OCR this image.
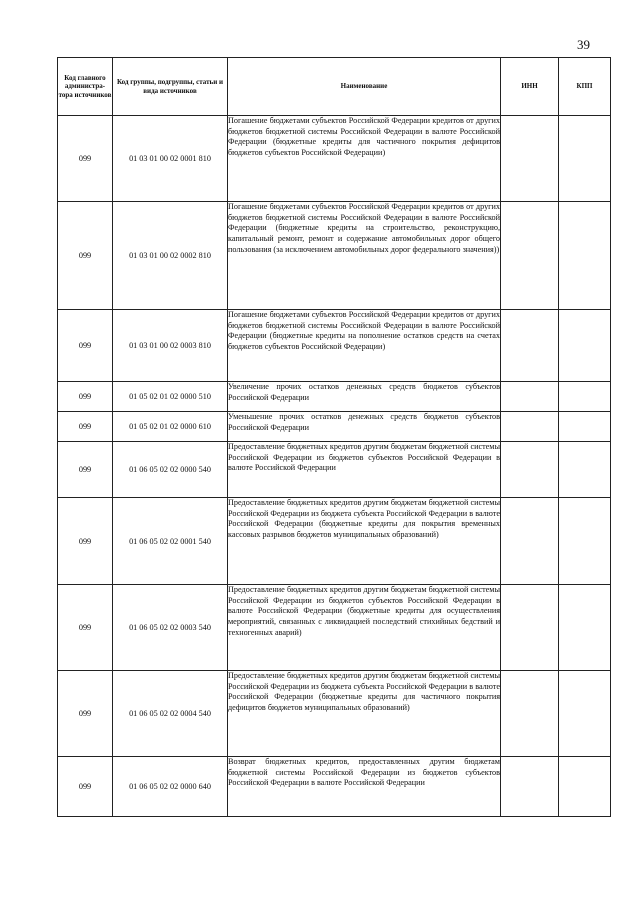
39
Код главного администра-тора источников	Код группы, подгруппы, статьи и вида источников	Наименование	ИНН	КПП
099	01 03 01 00 02 0001 810	Погашение бюджетами субъектов Российской Федерации кредитов от других бюджетов бюджетной системы Российской Федерации в валюте Российской Федерации (бюджетные кредиты для частичного покрытия дефицитов бюджетов субъектов Российской Федерации)		
099	01 03 01 00 02 0002 810	Погашение бюджетами субъектов Российской Федерации кредитов от других бюджетов бюджетной системы Российской Федерации в валюте Российской Федерации (бюджетные кредиты на строительство, реконструкцию, капитальный ремонт, ремонт и содержание автомобильных дорог общего пользования (за исключением автомобильных дорог федерального значения))		
099	01 03 01 00 02 0003 810	Погашение бюджетами субъектов Российской Федерации кредитов от других бюджетов бюджетной системы Российской Федерации в валюте Российской Федерации (бюджетные кредиты на пополнение остатков средств на счетах бюджетов субъектов Российской Федерации)		
099	01 05 02 01 02 0000 510	Увеличение прочих остатков денежных средств бюджетов субъектов Российской Федерации		
099	01 05 02 01 02 0000 610	Уменьшение прочих остатков денежных средств бюджетов субъектов Российской Федерации		
099	01 06 05 02 02 0000 540	Предоставление бюджетных кредитов другим бюджетам бюджетной системы Российской Федерации из бюджетов субъектов Российской Федерации в валюте Российской Федерации		
099	01 06 05 02 02 0001 540	Предоставление бюджетных кредитов другим бюджетам бюджетной системы Российской Федерации из бюджета субъекта Российской Федерации в валюте Российской Федерации (бюджетные кредиты для покрытия временных кассовых разрывов бюджетов муниципальных образований)		
099	01 06 05 02 02 0003 540	Предоставление бюджетных кредитов другим бюджетам бюджетной системы Российской Федерации из бюджетов субъектов Российской Федерации в валюте Российской Федерации (бюджетные кредиты для осуществления мероприятий, связанных с ликвидацией последствий стихийных бедствий и техногенных аварий)		
099	01 06 05 02 02 0004 540	Предоставление бюджетных кредитов другим бюджетам бюджетной системы Российской Федерации из бюджета субъекта Российской Федерации в валюте Российской Федерации (бюджетные кредиты для частичного покрытия дефицитов бюджетов муниципальных образований)		
099	01 06 05 02 02 0000 640	Возврат бюджетных кредитов, предоставленных другим бюджетам бюджетной системы Российской Федерации из бюджетов субъектов Российской Федерации в валюте Российской Федерации		
